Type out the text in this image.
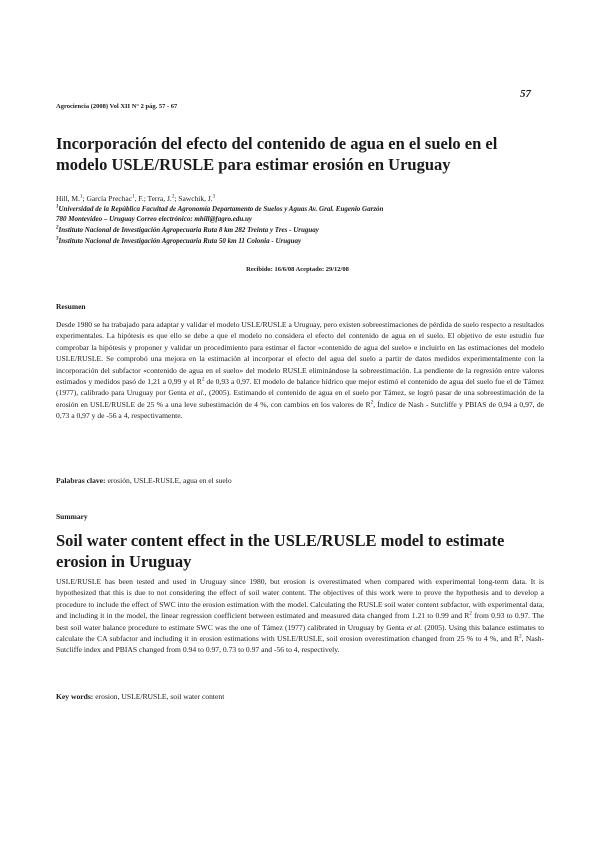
57
Agrociencia (2008) Vol XII N° 2 pág. 57 - 67
Incorporación del efecto del contenido de agua en el suelo en el modelo USLE/RUSLE para estimar erosión en Uruguay
Hill, M.$^1$; García Prechac$^1$, F.; Terra, J.$^2$; Sawchik, J.$^3$
$^1$Universidad de la República Facultad de Agronomía Departamento de Suelos y Aguas Av. Gral. Eugenio Garzón
780 Montevideo – Uruguay Correo electrónico: mhill@fagro.edu.uy
$^2$Instituto Nacional de Investigación Agropecuaria Ruta 8 km 282 Treinta y Tres - Uruguay
$^3$Instituto Nacional de Investigación Agropecuaria Ruta 50 km 11 Colonia - Uruguay
Recibido: 16/6/08 Aceptado: 29/12/08
Resumen
Desde 1980 se ha trabajado para adaptar y validar el modelo USLE/RUSLE a Uruguay, pero existen sobreestimaciones de pérdida de suelo respecto a resultados experimentales. La hipótesis es que ello se debe a que el modelo no considera el efecto del contenido de agua en el suelo. El objetivo de este estudio fue comprobar la hipótesis y proponer y validar un procedimiento para estimar el factor «contenido de agua del suelo» e incluirlo en las estimaciones del modelo USLE/RUSLE. Se comprobó una mejora en la estimación al incorporar el efecto del agua del suelo a partir de datos medidos experimentalmente con la incorporación del subfactor «contenido de agua en el suelo» del modelo RUSLE eliminándose la sobreestimación. La pendiente de la regresión entre valores estimados y medidos pasó de 1,21 a 0,99 y el $R^2$ de 0,93 a 0,97. El modelo de balance hídrico que mejor estimó el contenido de agua del suelo fue el de Támez (1977), calibrado para Uruguay por Genta et al., (2005). Estimando el contenido de agua en el suelo por Támez, se logró pasar de una sobreestimación de la erosión en USLE/RUSLE de 25 % a una leve subestimación de 4 %, con cambios en los valores de $R^2$, Índice de Nash - Sutcliffe y PBIAS de 0,94 a 0,97, de 0,73 a 0,97 y de -56 a 4, respectivamente.
Palabras clave: erosión, USLE-RUSLE, agua en el suelo
Summary
Soil water content effect in the USLE/RUSLE model to estimate erosion in Uruguay
USLE/RUSLE has been tested and used in Uruguay since 1980, but erosion is overestimated when compared with experimental long-term data. It is hypothesized that this is due to not considering the effect of soil water content. The objectives of this work were to prove the hypothesis and to develop a procedure to include the effect of SWC into the erosion estimation with the model. Calculating the RUSLE soil water content subfactor, with experimental data, and including it in the model, the linear regression coefficient between estimated and measured data changed from 1.21 to 0.99 and $R^2$ from 0.93 to 0.97. The best soil water balance procedure to estimate SWC was the one of Támez (1977) calibrated in Uruguay by Genta et al. (2005). Using this balance estimates to calculate the CA subfactor and including it in erosion estimations with USLE/RUSLE, soil erosion overestimation changed from 25 % to 4 %, and $R^2$, Nash-Sutcliffe index and PBIAS changed from 0.94 to 0.97, 0.73 to 0.97 and -56 to 4, respectively.
Key words: erosion, USLE/RUSLE, soil water content
